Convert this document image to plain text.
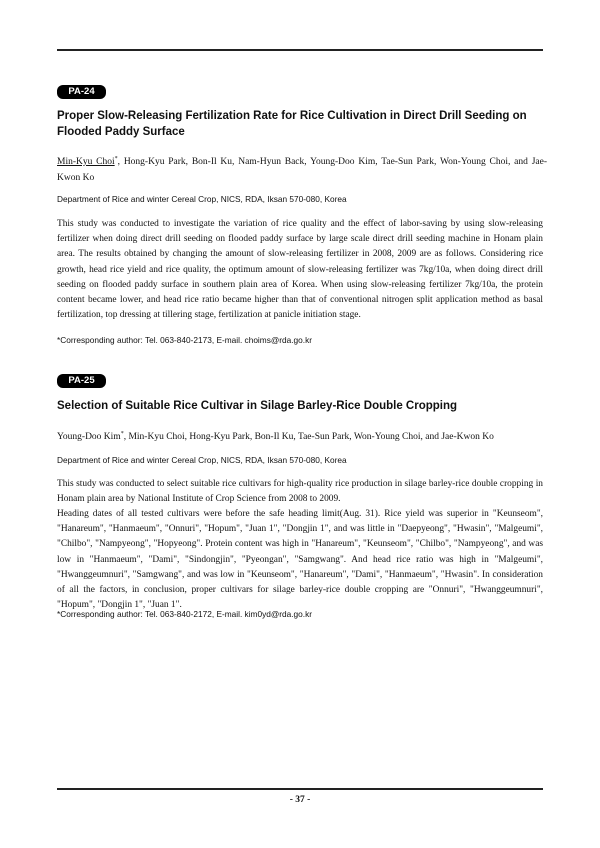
PA-24
Proper Slow-Releasing Fertilization Rate for Rice Cultivation in Direct Drill Seeding on Flooded Paddy Surface
Min-Kyu Choi*, Hong-Kyu Park, Bon-Il Ku, Nam-Hyun Back, Young-Doo Kim, Tae-Sun Park, Won-Young Choi, and Jae-Kwon Ko
Department of Rice and winter Cereal Crop, NICS, RDA, Iksan 570-080, Korea

This study was conducted to investigate the variation of rice quality and the effect of labor-saving by using slow-releasing fertilizer when doing direct drill seeding on flooded paddy surface by large scale direct drill seeding machine in Honam plain area. The results obtained by changing the amount of slow-releasing fertilizer in 2008, 2009 are as follows. Considering rice growth, head rice yield and rice quality, the optimum amount of slow-releasing fertilizer was 7kg/10a, when doing direct drill seeding on flooded paddy surface in southern plain area of Korea. When using slow-releasing fertilizer 7kg/10a, the protein content became lower, and head rice ratio became higher than that of conventional nitrogen split application method as basal fertilization, top dressing at tillering stage, fertilization at panicle initiation stage.

*Corresponding author: Tel. 063-840-2173, E-mail. choims@rda.go.kr
PA-25
Selection of Suitable Rice Cultivar in Silage Barley-Rice Double Cropping
Young-Doo Kim*, Min-Kyu Choi, Hong-Kyu Park, Bon-Il Ku, Tae-Sun Park, Won-Young Choi, and Jae-Kwon Ko
Department of Rice and winter Cereal Crop, NICS, RDA, Iksan 570-080, Korea

This study was conducted to select suitable rice cultivars for high-quality rice production in silage barley-rice double cropping in Honam plain area by National Institute of Crop Science from 2008 to 2009.

Heading dates of all tested cultivars were before the safe heading limit(Aug. 31). Rice yield was superior in "Keunseom", "Hanareum", "Hanmaeum", "Onnuri", "Hopum", "Juan 1", "Dongjin 1", and was little in "Daepyeong", "Hwasin", "Malgeumi", "Chilbo", "Nampyeong", "Hopyeong". Protein content was high in "Hanareum", "Keunseom", "Chilbo", "Nampyeong", and was low in "Hanmaeum", "Dami", "Sindongjin", "Pyeongan", "Samgwang". And head rice ratio was high in "Malgeumi", "Hwanggeumnuri", "Samgwang", and was low in "Keunseom", "Hanareum", "Dami", "Hanmaeum", "Hwasin". In consideration of all the factors, in conclusion, proper cultivars for silage barley-rice double cropping are "Onnuri", "Hwanggeumnuri", "Hopum", "Dongjin 1", "Juan 1".

*Corresponding author: Tel. 063-840-2172, E-mail. kim0yd@rda.go.kr
- 37 -
